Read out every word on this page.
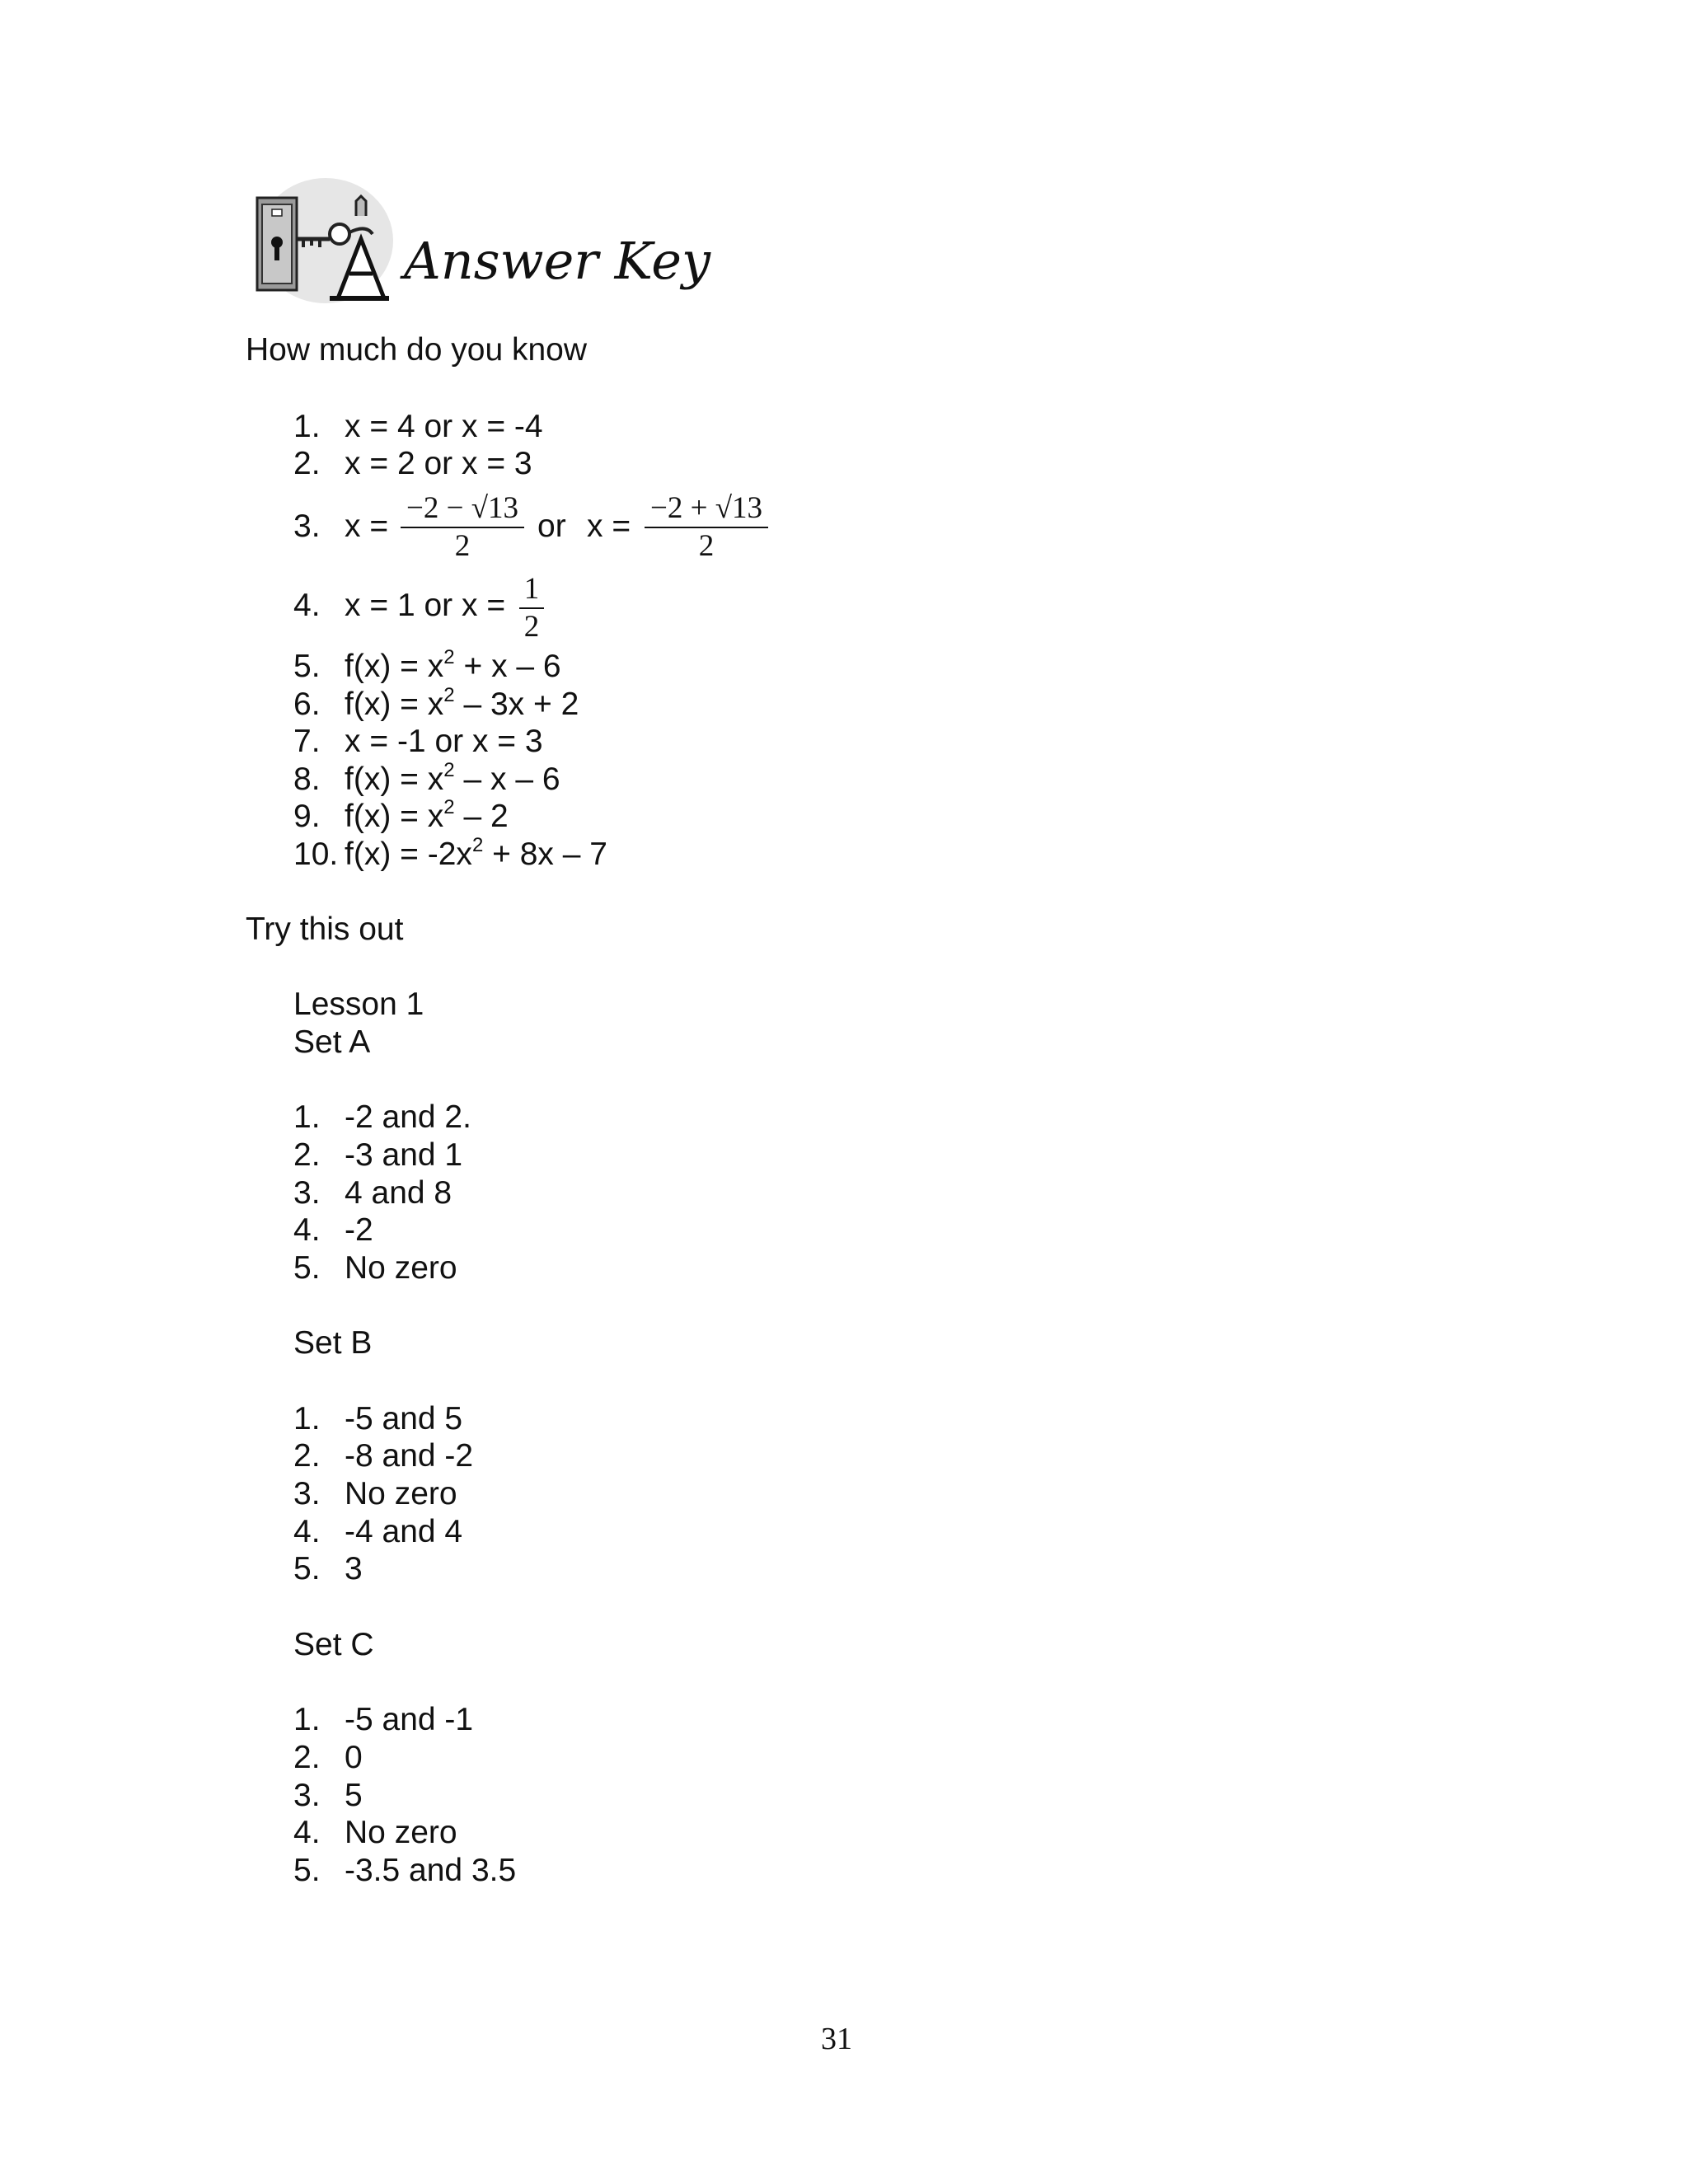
Answer Key
How much do you know
1. x = 4 or x = -4
2. x = 2 or x = 3
3. x =
−2 − √13
2
or x =
−2 + √13
2
4. x = 1 or x = 1
2
5. $f(x) = x^2 + x - 6$
6. $f(x) = x^2 - 3x + 2$
7. x = -1 or x = 3
8. $f(x) = x^2 - x - 6$
9. $f(x) = x^2 - 2$
10. $f(x) = -2x^2 + 8x - 7$
Try this out
Lesson 1
Set A
1. -2 and 2.
2. -3 and 1
3. 4 and 8
4. -2
5. No zero
Set B
1. -5 and 5
2. -8 and -2
3. No zero
4. -4 and 4
5. 3
Set C
1. -5 and -1
2. 0
3. 5
4. No zero
5. -3.5 and 3.5
31
